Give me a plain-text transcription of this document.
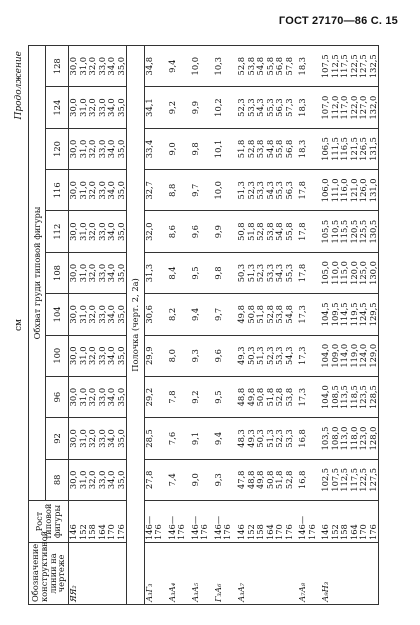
ГОСТ 27170—86 С. 15
см
Продолжение
Обозначение конструктивной линии на чертеже	Рост типовой фигуры	Обхват груди типовой фигуры										
		88	92	96	100	104	108	112	116	120	124	128
ЯЯ₂	146	30,0	30,0	30,0	30,0	30,0	30,0	30,0	30,0	30,0	30,0	30,0
	152	31,0	31,0	31,0	31,0	31,0	31,0	31,0	31,0	31,0	31,0	31,0
	158	32,0	32,0	32,0	32,0	32,0	32,0	32,0	32,0	32,0	32,0	32,0
	164	33,0	33,0	33,0	33,0	33,0	33,0	33,0	33,0	33,0	33,0	33,0
	170	34,0	34,0	34,0	34,0	34,0	34,0	34,0	34,0	34,0	34,0	34,0
	176	35,0	35,0	35,0	35,0	35,0	35,0	35,0	35,0	35,0	35,0	35,0
Полочка (черт. 2, 2а)												
А₃Г₃	146—176	27,8	28,5	29,2	29,9	30,6	31,3	32,0	32,7	33,4	34,1	34,8

А₃А₄	146—176	7,4	7,6	7,8	8,0	8,2	8,4	8,6	8,8	9,0	9,2	9,4

А₃А₅	146—176	9,0	9,1	9,2	9,3	9,4	9,5	9,6	9,7	9,8	9,9	10,0

Г₃А₆	146—176	9,3	9,4	9,5	9,6	9,7	9,8	9,9	10,0	10,1	10,2	10,3

А₃А₇	146	47,8	48,3	48,8	49,3	49,8	50,3	50,8	51,3	51,8	52,3	52,8
	152	48,8	49,3	49,8	50,3	50,8	51,3	51,8	52,3	52,8	53,3	53,8
	158	49,8	50,3	50,8	51,3	51,8	52,3	52,8	53,3	53,8	54,3	54,8
	164	50,8	51,3	51,8	52,3	52,8	53,3	53,8	54,3	54,8	55,3	55,8
	170	51,8	52,3	52,8	53,3	53,8	54,3	54,8	55,3	55,8	56,3	56,8
	176	52,8	53,3	53,8	54,3	54,8	55,3	55,8	56,3	56,8	57,3	57,8

А₇А₈	146—176	16,8	16,8	17,3	17,3	17,3	17,8	17,8	17,8	18,3	18,3	18,3

А₉Н₃	146	102,5	103,5	104,0	104,0	104,5	105,0	105,5	106,0	106,5	107,0	107,5
	152	107,5	108,0	108,5	109,0	109,5	110,0	110,5	111,0	111,5	112,0	112,5
	158	112,5	113,0	113,5	114,0	114,5	115,0	115,5	116,0	116,5	117,0	117,5
	164	117,5	118,0	118,5	119,0	119,5	120,0	120,5	121,0	121,5	122,0	122,5
	170	122,5	123,0	123,5	124,0	124,5	125,0	125,5	126,0	126,5	127,0	127,5
	176	127,5	128,0	128,5	129,0	129,5	130,0	130,5	131,0	131,5	132,0	132,5
